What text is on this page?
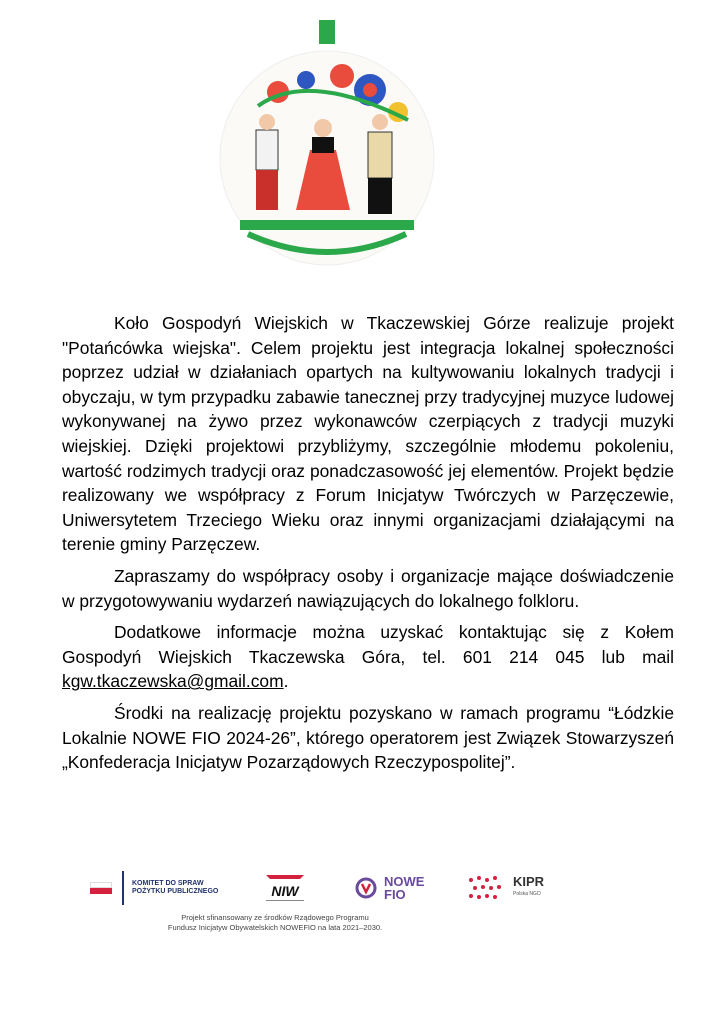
Koło Gospodyń Wiejskich w Tkaczewskiej Górze realizuje projekt "Potańcówka wiejska". Celem projektu jest integracja lokalnej społeczności poprzez udział w działaniach opartych na kultywowaniu lokalnych tradycji i obyczaju, w tym przypadku zabawie tanecznej przy tradycyjnej muzyce ludowej wykonywanej na żywo przez wykonawców czerpiących z tradycji muzyki wiejskiej. Dzięki projektowi przybliżymy, szczególnie młodemu pokoleniu, wartość rodzimych tradycji oraz ponadczasowość jej elementów. Projekt będzie realizowany we współpracy z Forum Inicjatyw Twórczych w Parzęczewie, Uniwersytetem Trzeciego Wieku oraz innymi organizacjami działającymi na terenie gminy Parzęczew.

Zapraszamy do współpracy osoby i organizacje mające doświadczenie w przygotowywaniu wydarzeń nawiązujących do lokalnego folkloru.

Dodatkowe informacje można uzyskać kontaktując się z Kołem Gospodyń Wiejskich Tkaczewska Góra, tel. 601 214 045 lub mail kgw.tkaczewska@gmail.com.

Środki na realizację projektu pozyskano w ramach programu “Łódzkie Lokalnie NOWE FIO 2024-26”, którego operatorem jest Związek Stowarzyszeń „Konfederacja Inicjatyw Pozarządowych Rzeczypospolitej”.

KOMITET DO SPRAW POŻYTKU PUBLICZNEGO	NIW
NOWE
FIO
KIPR
Polska NGO
Projekt sfinansowany ze środków Rządowego Programu
Fundusz Inicjatyw Obywatelskich NOWEFIO na lata 2021–2030.
